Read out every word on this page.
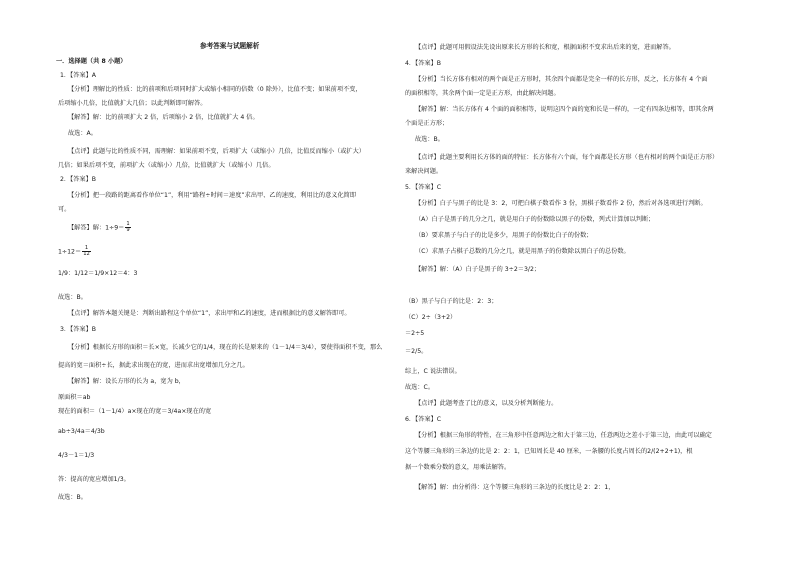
参考答案与试题解析
一．选择题（共 8 小题）
1．【答案】A
【分析】理解比的性质：比的前项和后项同时扩大或缩小相同的倍数（0 除外），比值不变；如果前项不变，
后项缩小几倍，比值就扩大几倍；以此判断即可解答。
【解答】解：比的前项扩大 2 倍，后项缩小 2 倍，比值就扩大 4 倍。
故选：A。
【点评】此题与比的性质不同，需理解：如果前项不变，后项扩大（或缩小）几倍，比值反而缩小（或扩大）
几倍；如果后项不变，前项扩大（或缩小）几倍，比值就扩大（或缩小）几倍。
2．【答案】B
【分析】把一段路的距离看作单位“1”，利用“路程÷时间＝速度”求出甲、乙的速度，利用比的意义化简即
可。
【解答】解：$1\div 9= \frac{1}{9}$
$1\div 12= \frac{1}{12}$
1/9：1/12＝1/9×12＝4：3
故选：B。
【点评】解答本题关键是：判断出路程这个单位“1”，求出甲和乙的速度，进而根据比的意义解答即可。
3．【答案】B
【分析】根据长方形的面积＝长×宽，长减少它的1/4，现在的长是原来的（1－1/4＝3/4），要使得面积不变，那么
提高的宽＝面积÷长，据此求出现在的宽，进而求出宽增加几分之几。
【解答】解：设长方形的长为 a，宽为 b，
原面积＝ab
现在的面积＝（1－1/4）a×现在的宽＝3/4a×现在的宽
ab÷3/4a＝4/3b
4/3－1＝1/3
答：提高的宽应增加1/3。
故选：B。
【点评】此题可用假设法先设出原来长方形的长和宽，根据面积不变求出后来的宽，进而解答。
4．【答案】B
【分析】当长方体有相对的两个面是正方形时，其余四个面都是完全一样的长方形，反之，长方体有 4 个面
的面积相等，其余两个面一定是正方形，由此解决问题。
【解答】解：当长方体有 4 个面的面积相等，说明这四个面的宽和长是一样的，一定有四条边相等，即其余两
个面是正方形；
故选：B。
【点评】此题主要利用长方体的面的特征：长方体有六个面，每个面都是长方形（也有相对的两个面是正方形）
来解决问题。
5．【答案】C
【分析】白子与黑子的比是 3：2，可把白棋子数看作 3 份，黑棋子数看作 2 份，然后对各选项进行判断。
（A）白子是黑子的几分之几，就是用白子的份数除以黑子的份数，列式计算加以判断；
（B）要求黑子与白子的比是多少，用黑子的份数比白子的份数；
（C）求黑子占棋子总数的几分之几，就是用黑子的份数除以黑白子的总份数。
【解答】解：（A）白子是黑子的 3÷2＝3/2；
（B）黑子与白子的比是：2：3；
（C）2÷（3+2）
＝2÷5
＝2/5。
综上，C 说法错误。
故选：C。
【点评】此题考查了比的意义，以及分析判断能力。
6．【答案】C
【分析】根据三角形的特性，在三角形中任意两边之和大于第三边，任意两边之差小于第三边，由此可以确定
这个等腰三角形的三条边的比是 2：2：1，已知周长是 40 厘米，一条腰的长度占周长的2/(2+2+1)，根
据一个数乘分数的意义，用乘法解答。
【解答】解：由分析得：这个等腰三角形的三条边的长度比是 2：2：1，
